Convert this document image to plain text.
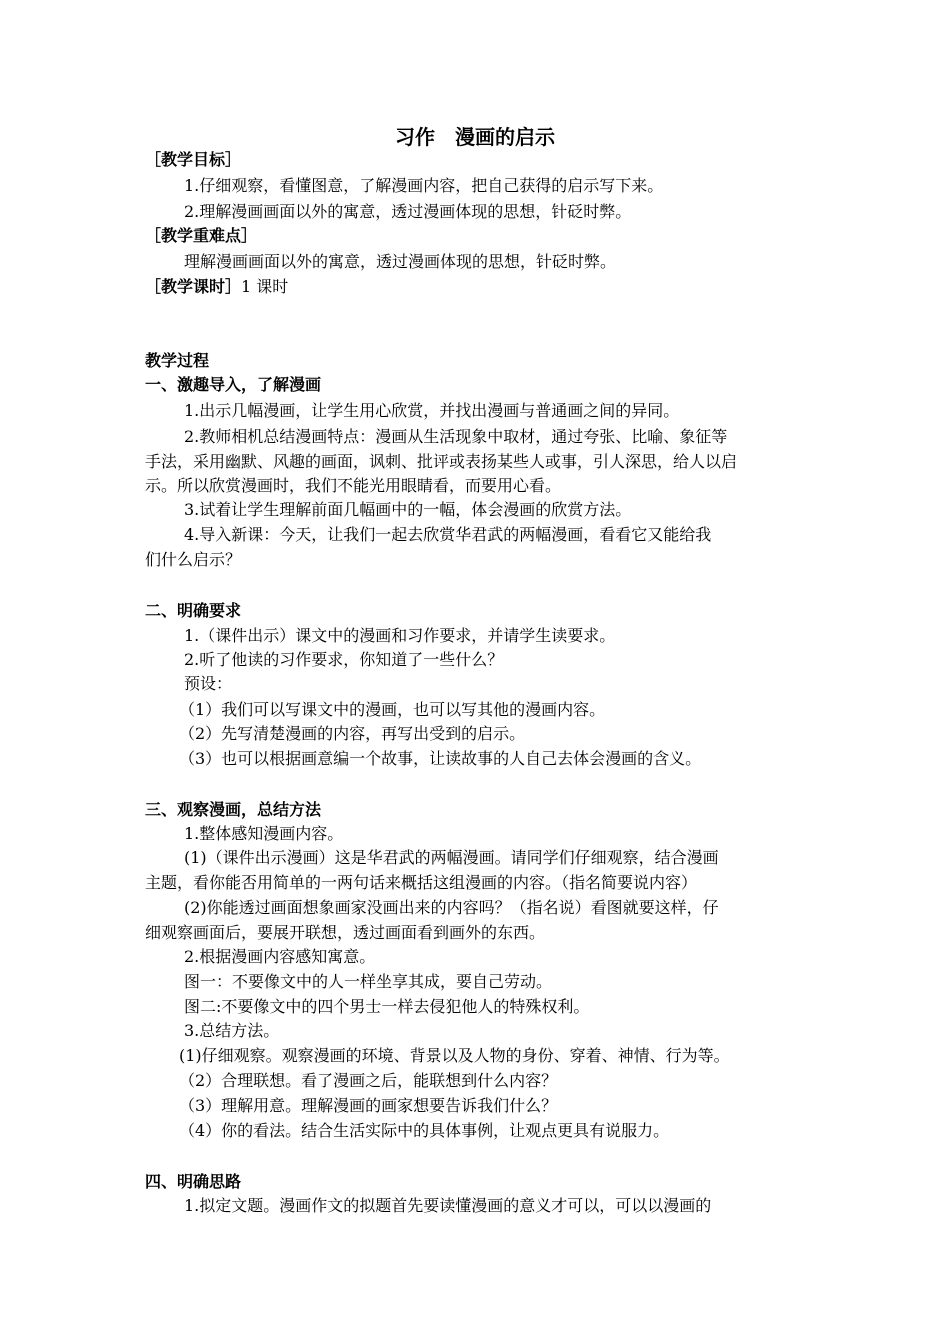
习作　漫画的启示
［教学目标］
1.仔细观察，看懂图意，了解漫画内容，把自己获得的启示写下来。
2.理解漫画画面以外的寓意，透过漫画体现的思想，针砭时弊。
［教学重难点］
理解漫画画面以外的寓意，透过漫画体现的思想，针砭时弊。
［教学课时］1 课时
教学过程
一、激趣导入，了解漫画
1.出示几幅漫画，让学生用心欣赏，并找出漫画与普通画之间的异同。
2.教师相机总结漫画特点：漫画从生活现象中取材，通过夸张、比喻、象征等
手法，采用幽默、风趣的画面，讽刺、批评或表扬某些人或事，引人深思，给人以启
示。所以欣赏漫画时，我们不能光用眼睛看，而要用心看。
3.试着让学生理解前面几幅画中的一幅，体会漫画的欣赏方法。
4.导入新课：今天，让我们一起去欣赏华君武的两幅漫画，看看它又能给我
们什么启示？
二、明确要求
1.（课件出示）课文中的漫画和习作要求，并请学生读要求。
2.听了他读的习作要求，你知道了一些什么？
预设：
（1）我们可以写课文中的漫画，也可以写其他的漫画内容。
（2）先写清楚漫画的内容，再写出受到的启示。
（3）也可以根据画意编一个故事，让读故事的人自己去体会漫画的含义。
三、观察漫画，总结方法
1.整体感知漫画内容。
(1)（课件出示漫画）这是华君武的两幅漫画。请同学们仔细观察，结合漫画
主题，看你能否用简单的一两句话来概括这组漫画的内容。（指名简要说内容）
(2)你能透过画面想象画家没画出来的内容吗？（指名说）看图就要这样，仔
细观察画面后，要展开联想，透过画面看到画外的东西。
2.根据漫画内容感知寓意。
图一：不要像文中的人一样坐享其成，要自己劳动。
图二:不要像文中的四个男士一样去侵犯他人的特殊权利。
3.总结方法。
(1)仔细观察。观察漫画的环境、背景以及人物的身份、穿着、神情、行为等。
（2）合理联想。看了漫画之后，能联想到什么内容？
（3）理解用意。理解漫画的画家想要告诉我们什么？
（4）你的看法。结合生活实际中的具体事例，让观点更具有说服力。
四、明确思路
1.拟定文题。漫画作文的拟题首先要读懂漫画的意义才可以，可以以漫画的
